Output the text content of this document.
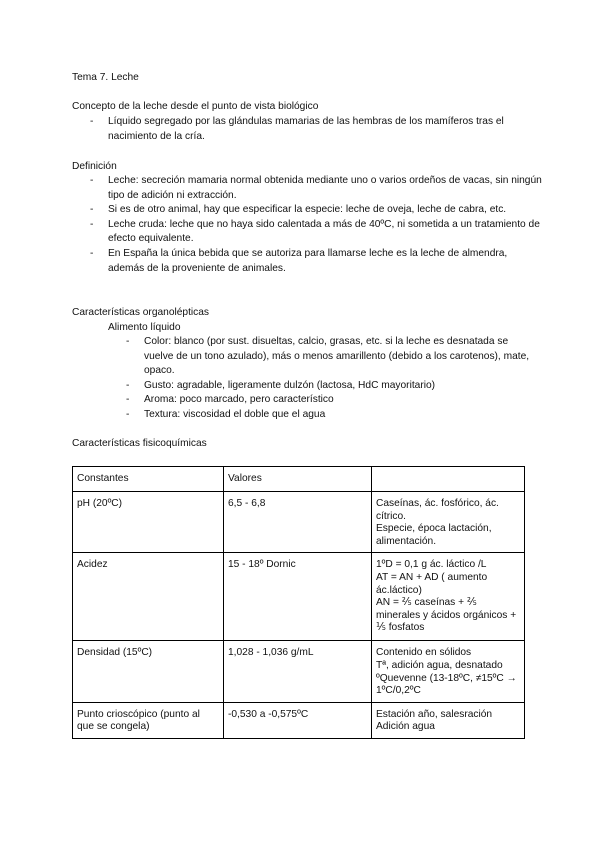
Tema 7. Leche
Concepto de la leche desde el punto de vista biológico
- Líquido segregado por las glándulas mamarias de las hembras de los mamíferos tras el nacimiento de la cría.
Definición
- Leche: secreción mamaria normal obtenida mediante uno o varios ordeños de vacas, sin ningún tipo de adición ni extracción.
- Si es de otro animal, hay que especificar la especie: leche de oveja, leche de cabra, etc.
- Leche cruda: leche que no haya sido calentada a más de 40ºC, ni sometida a un tratamiento de efecto equivalente.
- En España la única bebida que se autoriza para llamarse leche es la leche de almendra, además de la proveniente de animales.
Características organolépticas
Alimento líquido
- Color: blanco (por sust. disueltas, calcio, grasas, etc. si la leche es desnatada se vuelve de un tono azulado), más o menos amarillento (debido a los carotenos), mate, opaco.
- Gusto: agradable, ligeramente dulzón (lactosa, HdC mayoritario)
- Aroma: poco marcado, pero característico
- Textura: viscosidad el doble que el agua
Características fisicoquímicas
Constantes	Valores	
pH (20ºC)	6,5 - 6,8	Caseínas, ác. fosfórico, ác. cítrico.
Especie, época lactación, alimentación.

Acidez	15 - 18º Dornic	1ºD = 0,1 g ác. láctico /L
AT = AN + AD ( aumento ác.láctico)
AN = ⅖ caseínas + ⅖ minerales y ácidos orgánicos + ⅕ fosfatos

Densidad (15ºC)	1,028 - 1,036 g/mL	Contenido en sólidos
Tª, adición agua, desnatado
ºQuevenne (13-18ºC, ≠15ºC → 1ºC/0,2ºC

Punto crioscópico (punto al que se congela)	-0,530 a -0,575ºC	Estación año, salesración
Adición agua
